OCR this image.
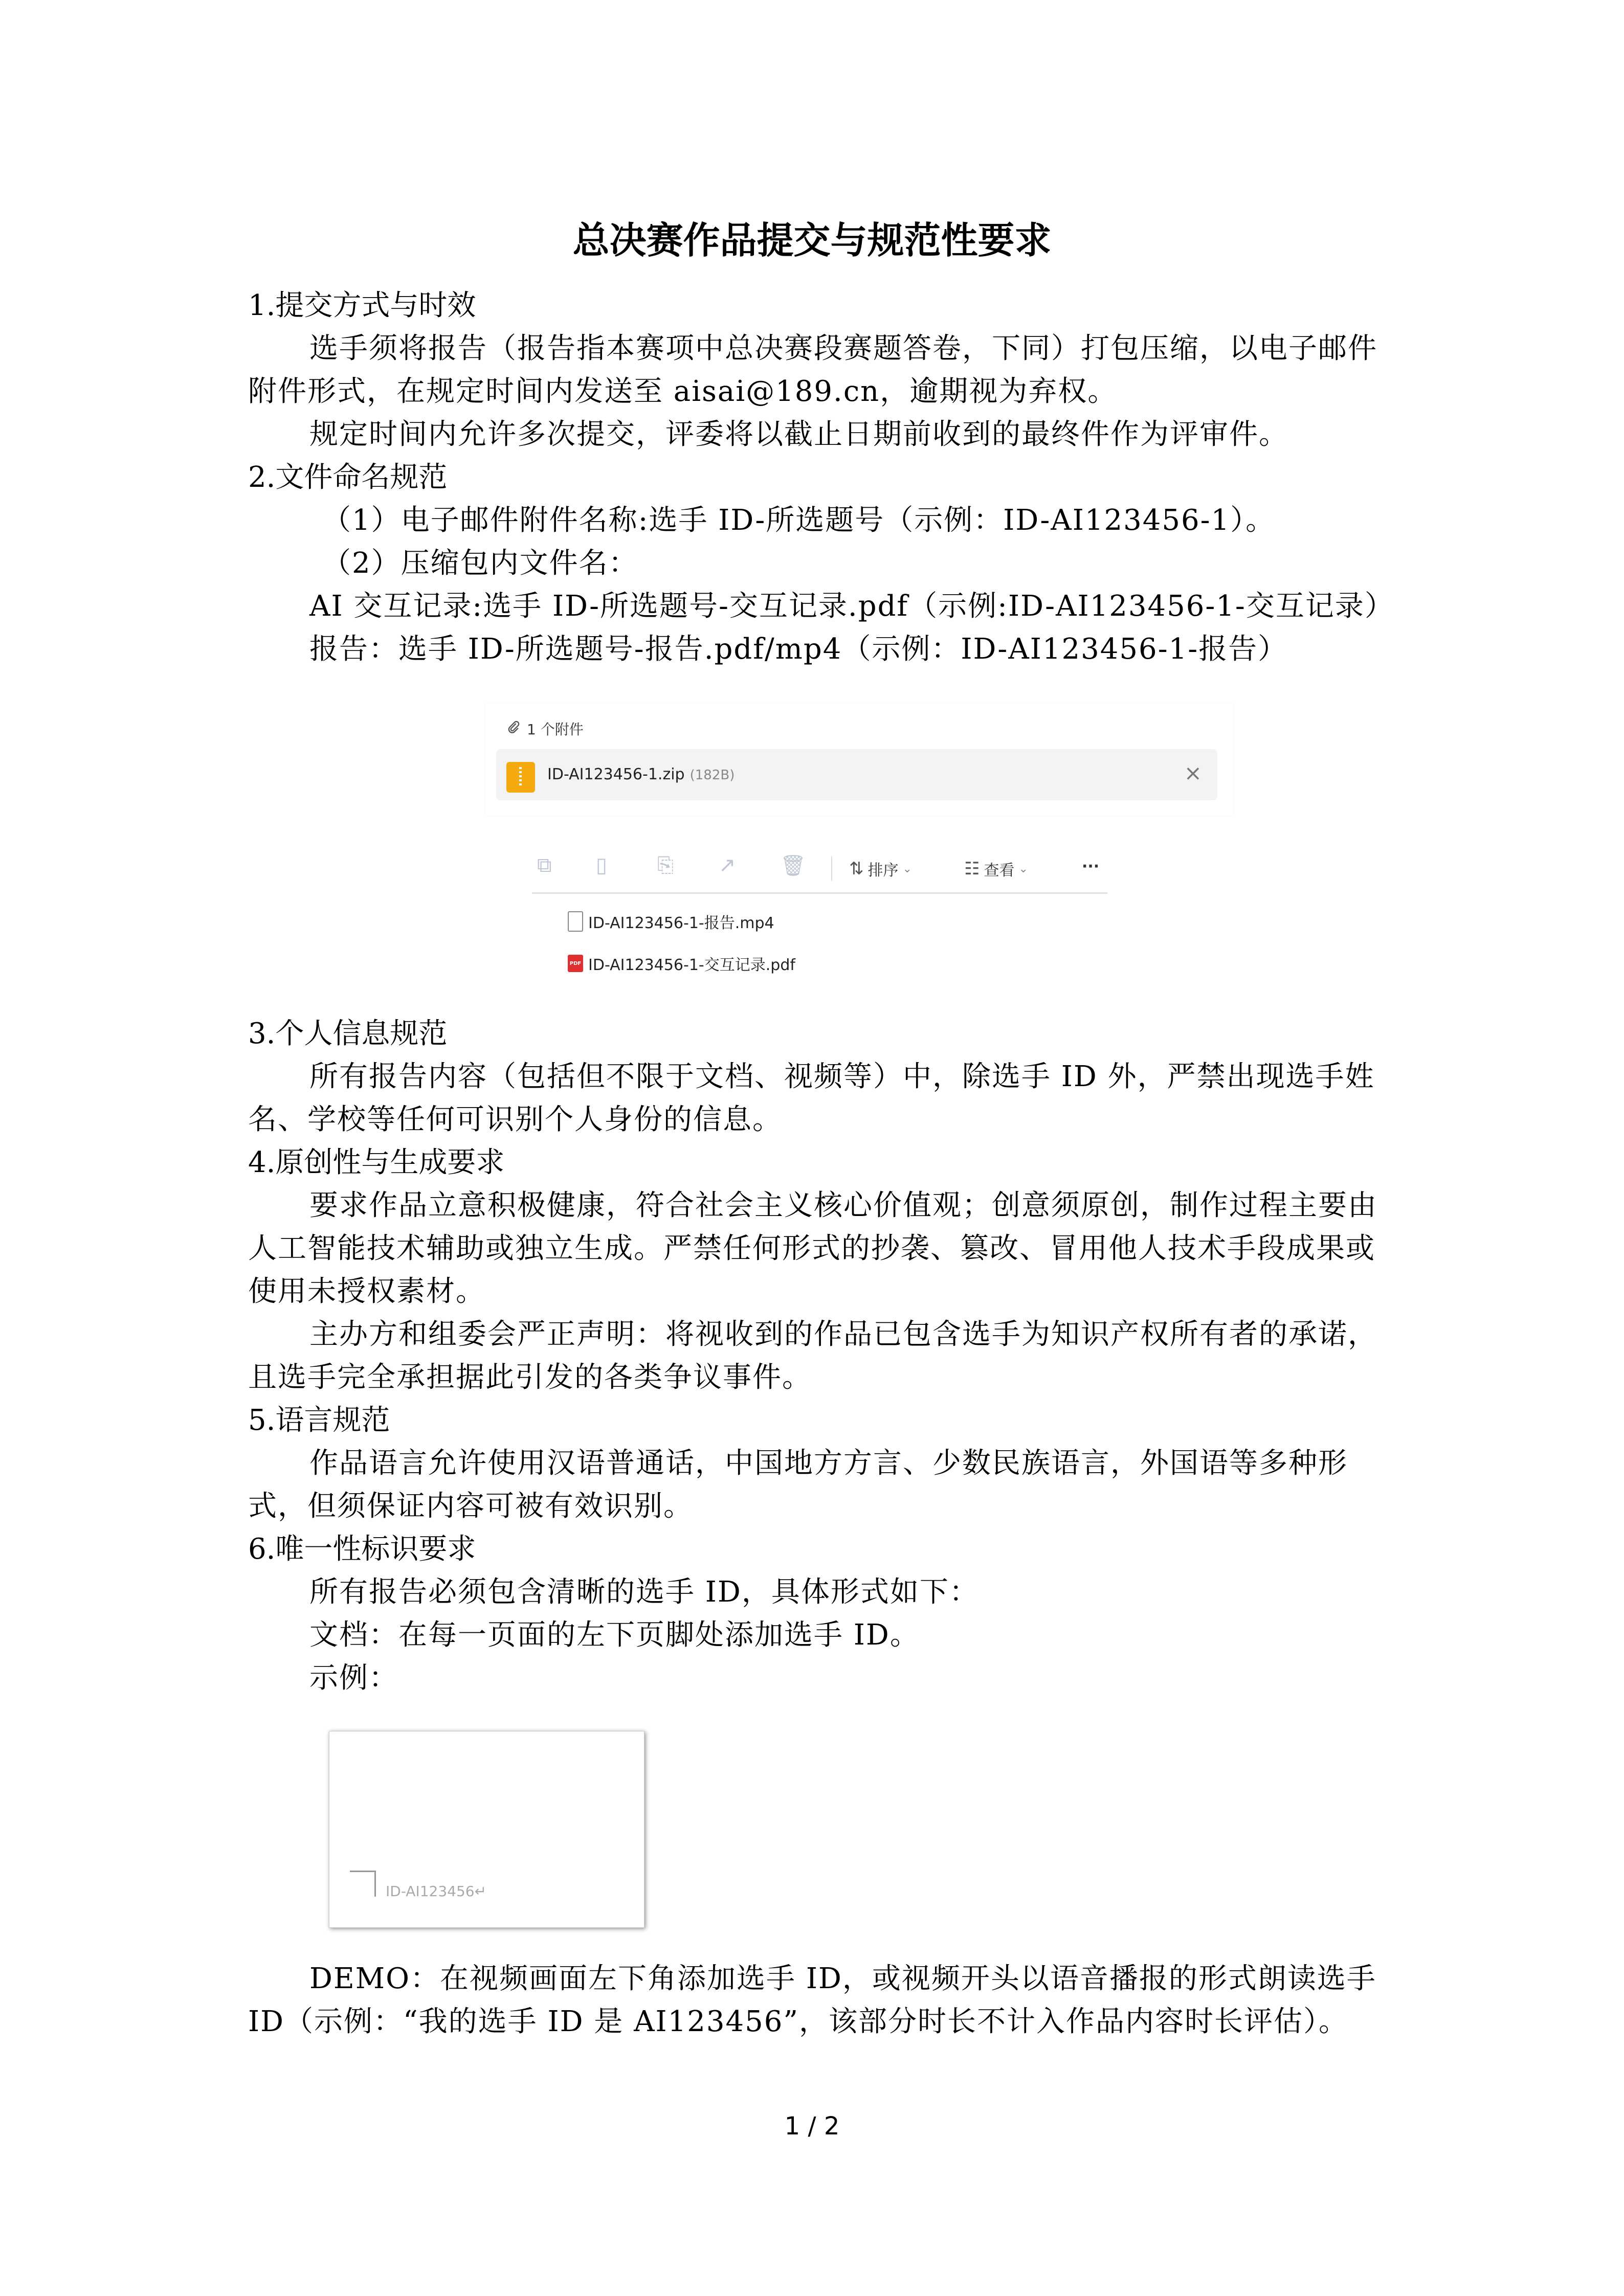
总决赛作品提交与规范性要求
1.提交方式与时效

选手须将报告（报告指本赛项中总决赛段赛题答卷，下同）打包压缩，以电子邮件附件形式，在规定时间内发送至 aisai@189.cn，逾期视为弃权。

规定时间内允许多次提交，评委将以截止日期前收到的最终件作为评审件。

2.文件命名规范

（1）电子邮件附件名称:选手 ID-所选题号（示例：ID-AI123456-1）。

（2）压缩包内文件名：

AI 交互记录:选手 ID-所选题号-交互记录.pdf（示例:ID-AI123456-1-交互记录）

报告：选手 ID-所选题号-报告.pdf/mp4（示例：ID-AI123456-1-报告）

1 个附件
ID-AI123456-1.zip (182B)	×
⧉ ▯ ⎘ ↗ 🗑 ⇅ 排序 ⌄	☷ 查看 ⌄	···
ID-AI123456-1-报告.mp4
PDF ID-AI123456-1-交互记录.pdf
3.个人信息规范

所有报告内容（包括但不限于文档、视频等）中，除选手 ID 外，严禁出现选手姓名、学校等任何可识别个人身份的信息。

4.原创性与生成要求

要求作品立意积极健康，符合社会主义核心价值观；创意须原创，制作过程主要由人工智能技术辅助或独立生成。严禁任何形式的抄袭、篡改、冒用他人技术手段成果或使用未授权素材。

主办方和组委会严正声明：将视收到的作品已包含选手为知识产权所有者的承诺，且选手完全承担据此引发的各类争议事件。

5.语言规范

作品语言允许使用汉语普通话，中国地方方言、少数民族语言，外国语等多种形式，但须保证内容可被有效识别。

6.唯一性标识要求

所有报告必须包含清晰的选手 ID，具体形式如下：

文档：在每一页面的左下页脚处添加选手 ID。

示例：

ID-AI123456↵

DEMO：在视频画面左下角添加选手 ID，或视频开头以语音播报的形式朗读选手 ID（示例：“我的选手 ID 是 AI123456”，该部分时长不计入作品内容时长评估）。

1 / 2
